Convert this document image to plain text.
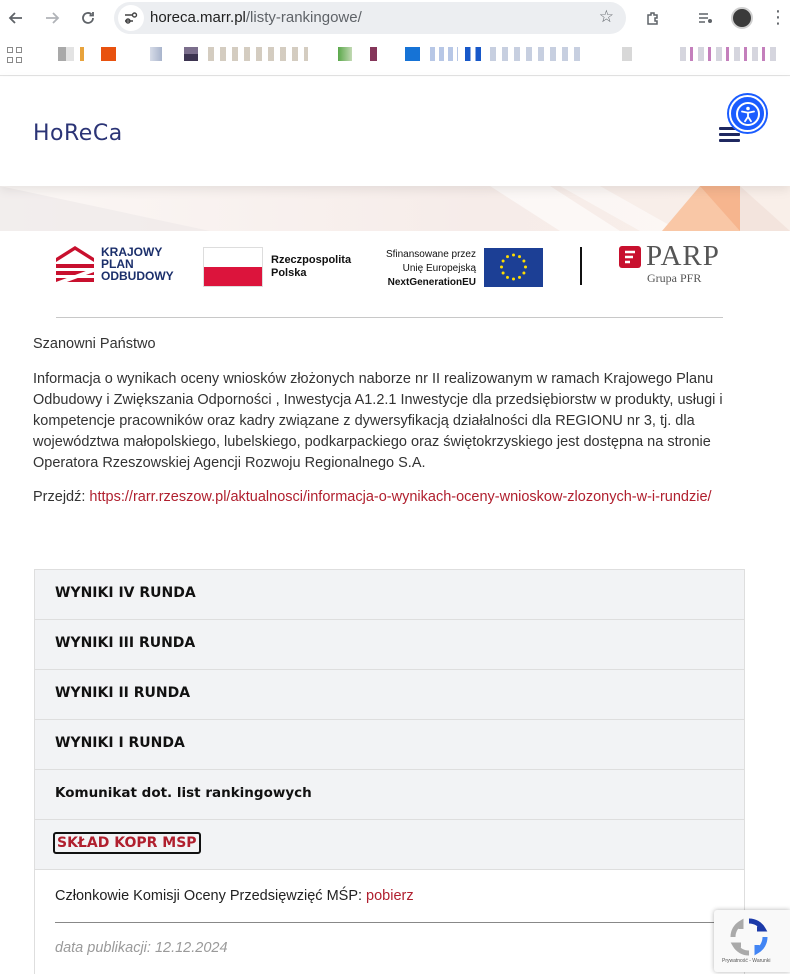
horeca.marr.pl/listy-rankingowe/	☆	⋮
HoReCa
KRAJOWY
PLAN
ODBUDOWY
Rzeczpospolita
Polska
Sfinansowane przez
Unię Europejską
NextGenerationEU
PARP
Grupa PFR
Szanowni Państwo
Informacja o wynikach oceny wniosków złożonych naborze nr II realizowanym w ramach Krajowego Planu Odbudowy i Zwiększania Odporności , Inwestycja A1.2.1 Inwestycje dla przedsiębiorstw w produkty, usługi i kompetencje pracowników oraz kadry związane z dywersyfikacją działalności dla REGIONU nr 3, tj. dla województwa małopolskiego, lubelskiego, podkarpackiego oraz świętokrzyskiego jest dostępna na stronie Operatora Rzeszowskiej Agencji Rozwoju Regionalnego S.A.
Przejdź: https://rarr.rzeszow.pl/aktualnosci/informacja-o-wynikach-oceny-wnioskow-zlozonych-w-i-rundzie/
WYNIKI IV RUNDA
WYNIKI III RUNDA
WYNIKI II RUNDA
WYNIKI I RUNDA
Komunikat dot. list rankingowych
SKŁAD KOPR MSP
Członkowie Komisji Oceny Przedsięwzięć MŚP: pobierz
data publikacji: 12.12.2024
Prywatność - Warunki
